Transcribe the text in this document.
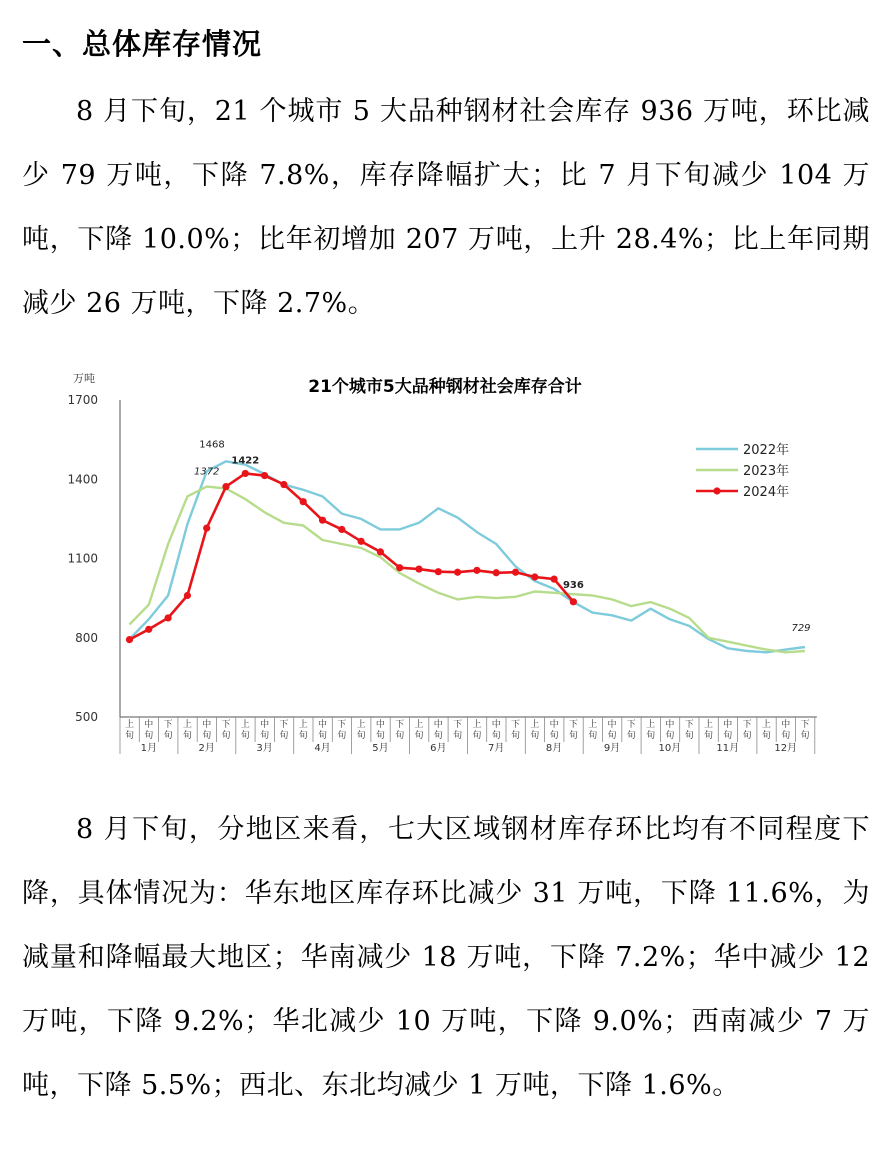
一、总体库存情况

8 月下旬，21 个城市 5 大品种钢材社会库存 936 万吨，环比减少 79 万吨，下降 7.8%，库存降幅扩大；比 7 月下旬减少 104 万吨，下降 10.0%；比年初增加 207 万吨，上升 28.4%；比上年同期减少 26 万吨，下降 2.7%。

21个城市5大品种钢材社会库存合计
万吨
500
800
1100
1400
1700
上
旬
中
旬
下
旬
上
旬
中
旬
下
旬
上
旬
中
旬
下
旬
上
旬
中
旬
下
旬
上
旬
中
旬
下
旬
上
旬
中
旬
下
旬
上
旬
中
旬
下
旬
上
旬
中
旬
下
旬
上
旬
中
旬
下
旬
上
旬
中
旬
下
旬
上
旬
中
旬
下
旬
上
旬
中
旬
下
旬
1月	2月	3月	4月	5月	6月	7月	8月	9月	10月	11月	12月
1468
1422
1372
936
729
2022年
2023年
2024年

8 月下旬，分地区来看，七大区域钢材库存环比均有不同程度下降，具体情况为：华东地区库存环比减少 31 万吨，下降 11.6%，为减量和降幅最大地区；华南减少 18 万吨，下降 7.2%；华中减少 12 万吨，下降 9.2%；华北减少 10 万吨，下降 9.0%；西南减少 7 万吨，下降 5.5%；西北、东北均减少 1 万吨，下降 1.6%。
